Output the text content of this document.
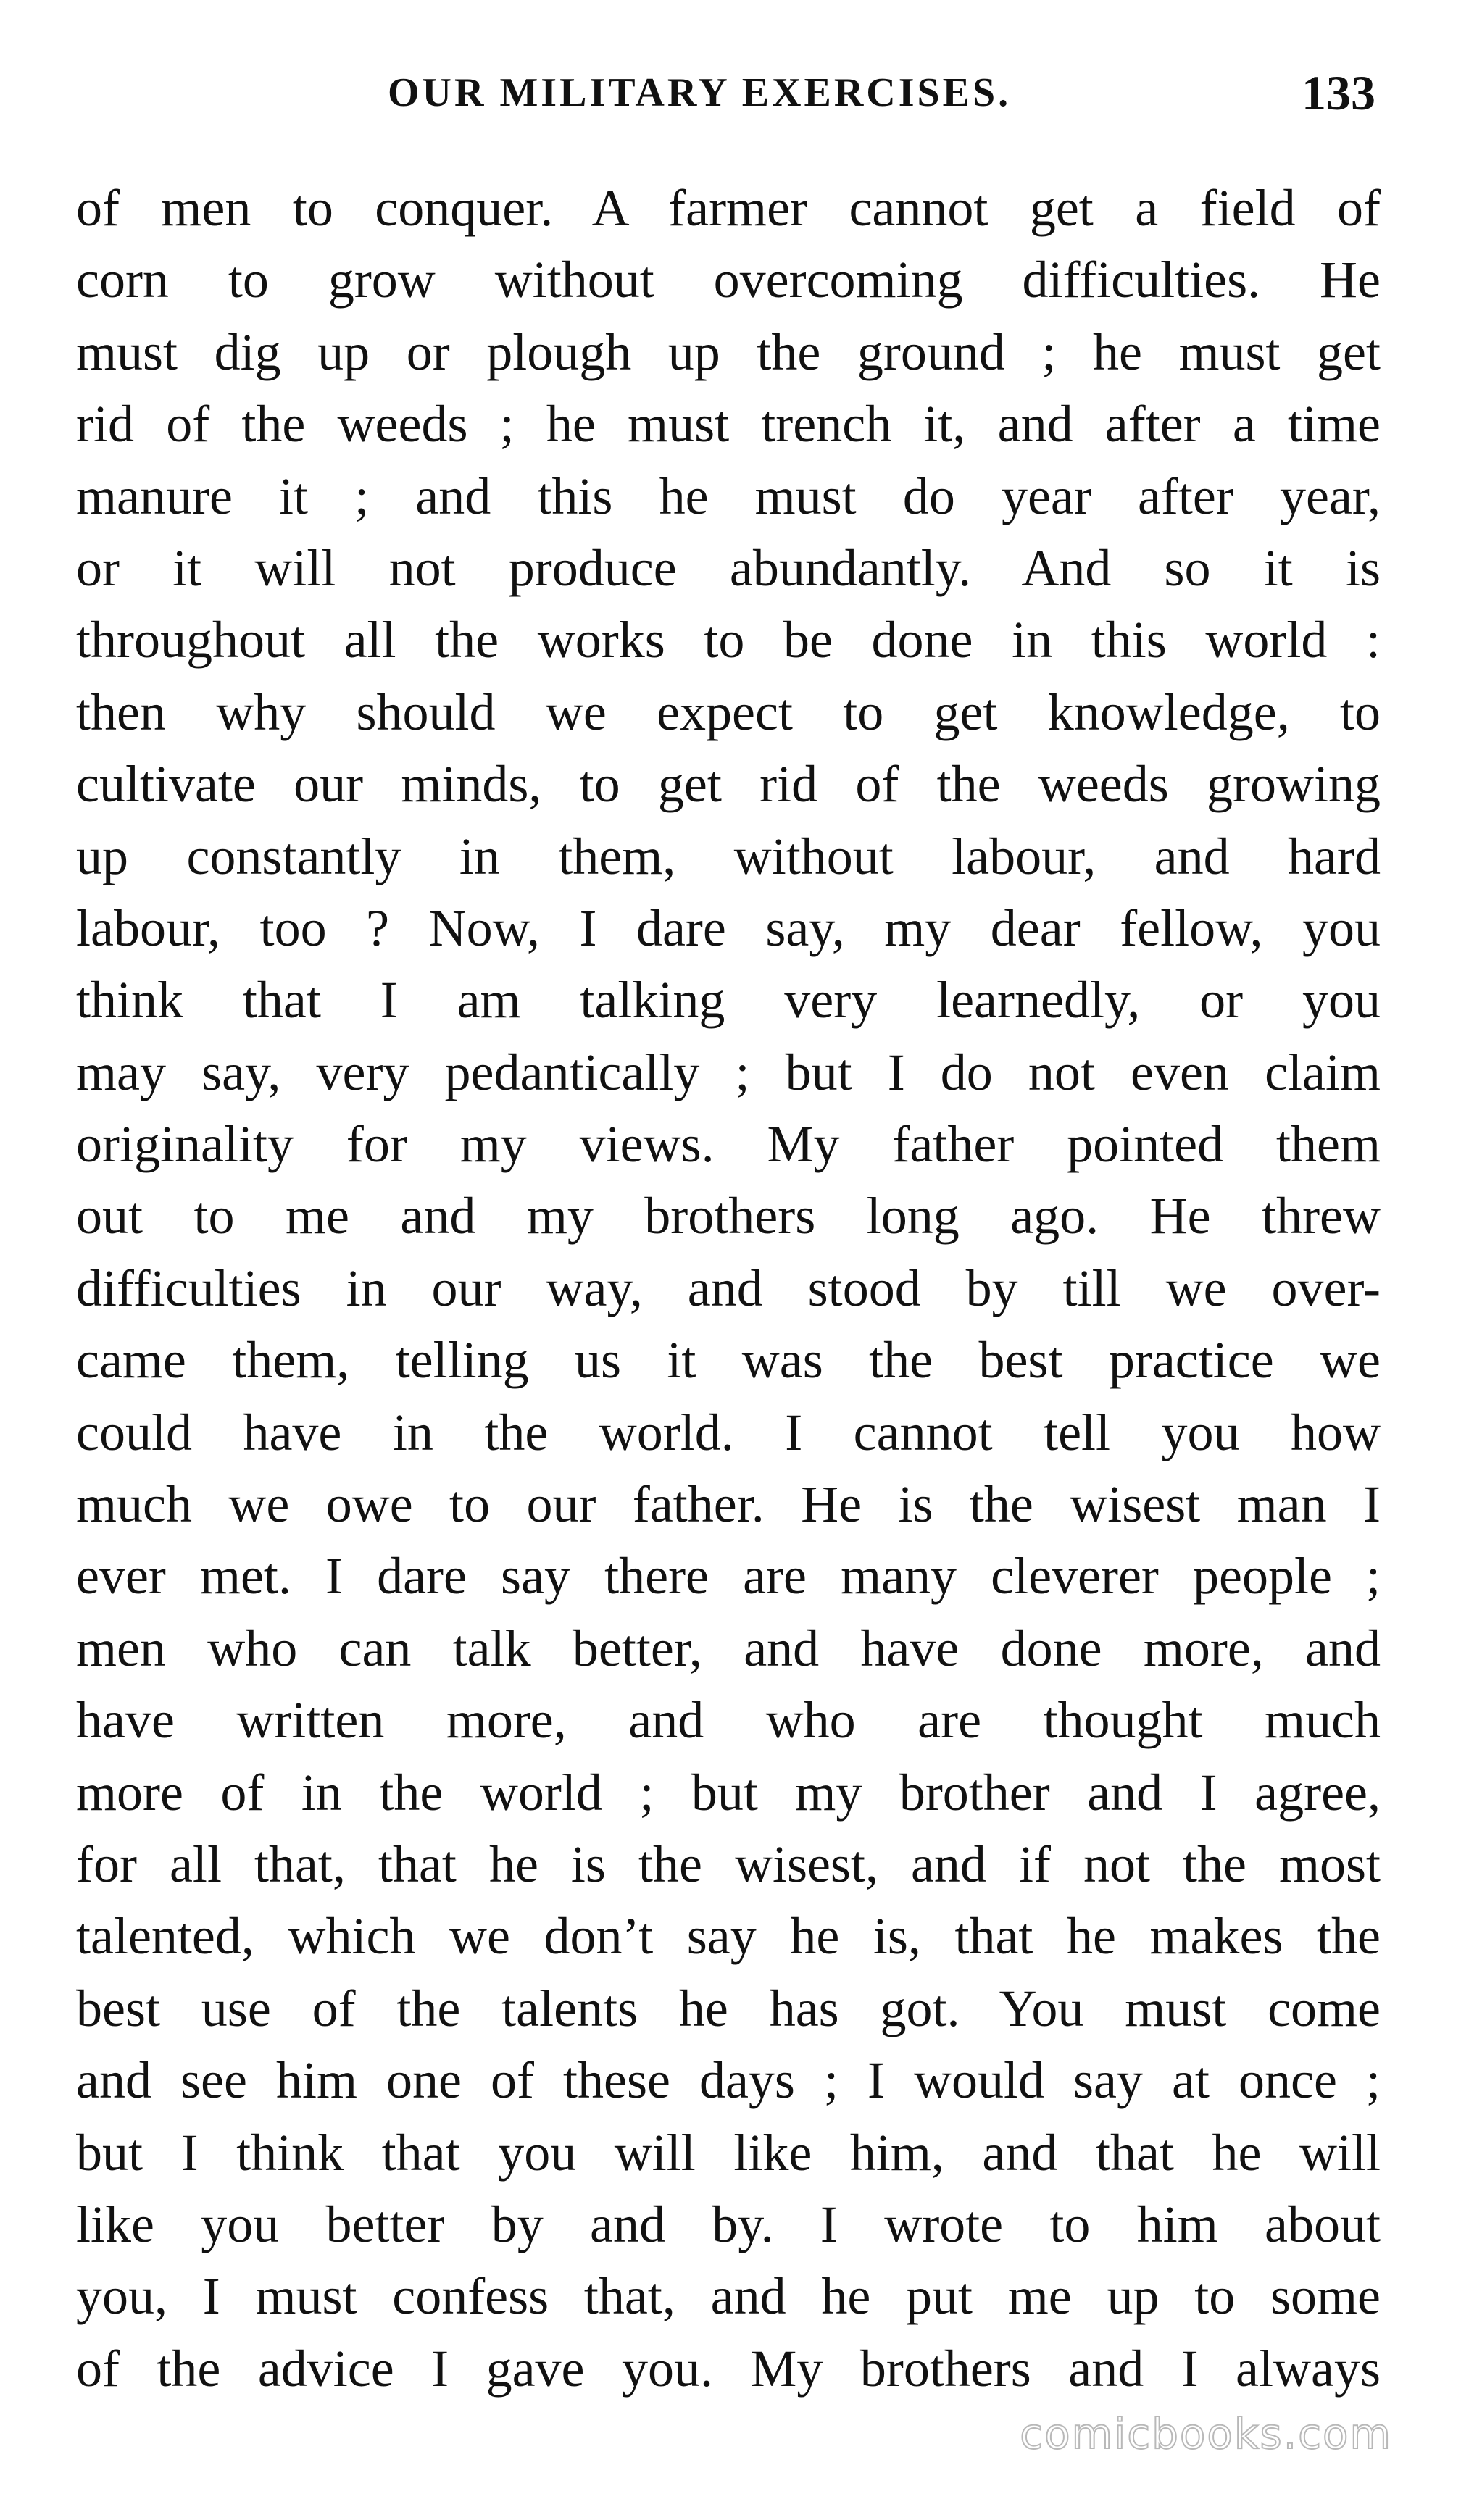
OUR MILITARY EXERCISES.	133
of men to conquer. A farmer cannot get a field of
corn to grow without overcoming difficulties. He
must dig up or plough up the ground ; he must get
rid of the weeds ; he must trench it, and after a time
manure it ; and this he must do year after year,
or it will not produce abundantly. And so it is
throughout all the works to be done in this world :
then why should we expect to get knowledge, to
cultivate our minds, to get rid of the weeds growing
up constantly in them, without labour, and hard
labour, too ? Now, I dare say, my dear fellow, you
think that I am talking very learnedly, or you
may say, very pedantically ; but I do not even claim
originality for my views. My father pointed them
out to me and my brothers long ago. He threw
difficulties in our way, and stood by till we over-
came them, telling us it was the best practice we
could have in the world. I cannot tell you how
much we owe to our father. He is the wisest man I
ever met. I dare say there are many cleverer people ;
men who can talk better, and have done more, and
have written more, and who are thought much
more of in the world ; but my brother and I agree,
for all that, that he is the wisest, and if not the most
talented, which we don’t say he is, that he makes the
best use of the talents he has got. You must come
and see him one of these days ; I would say at once ;
but I think that you will like him, and that he will
like you better by and by. I wrote to him about
you, I must confess that, and he put me up to some
of the advice I gave you. My brothers and I always
comicbooks.com
